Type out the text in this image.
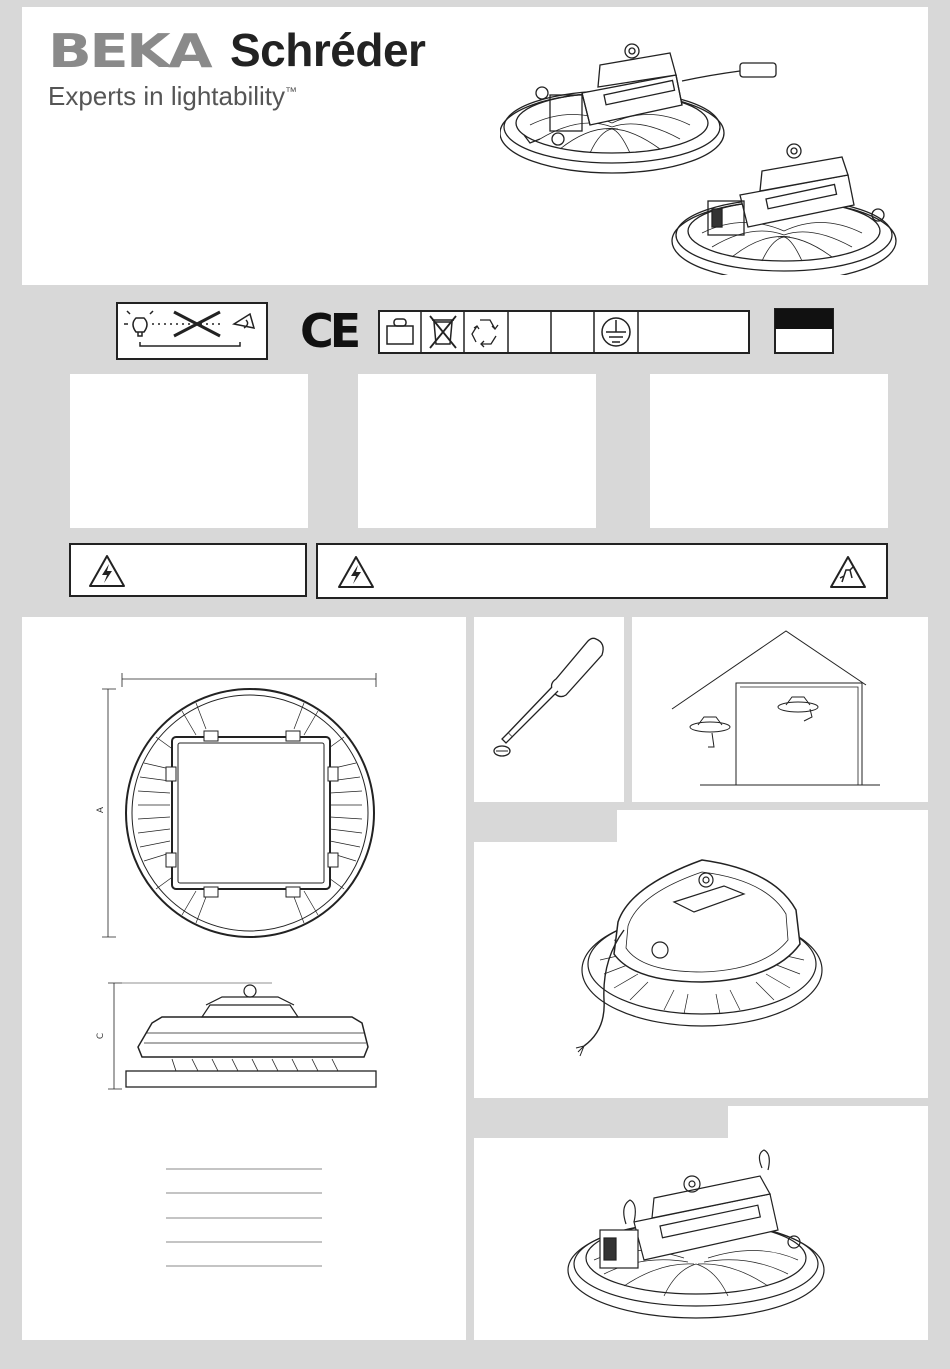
BEKA Schréder
Experts in lightability™
CE
A
C
